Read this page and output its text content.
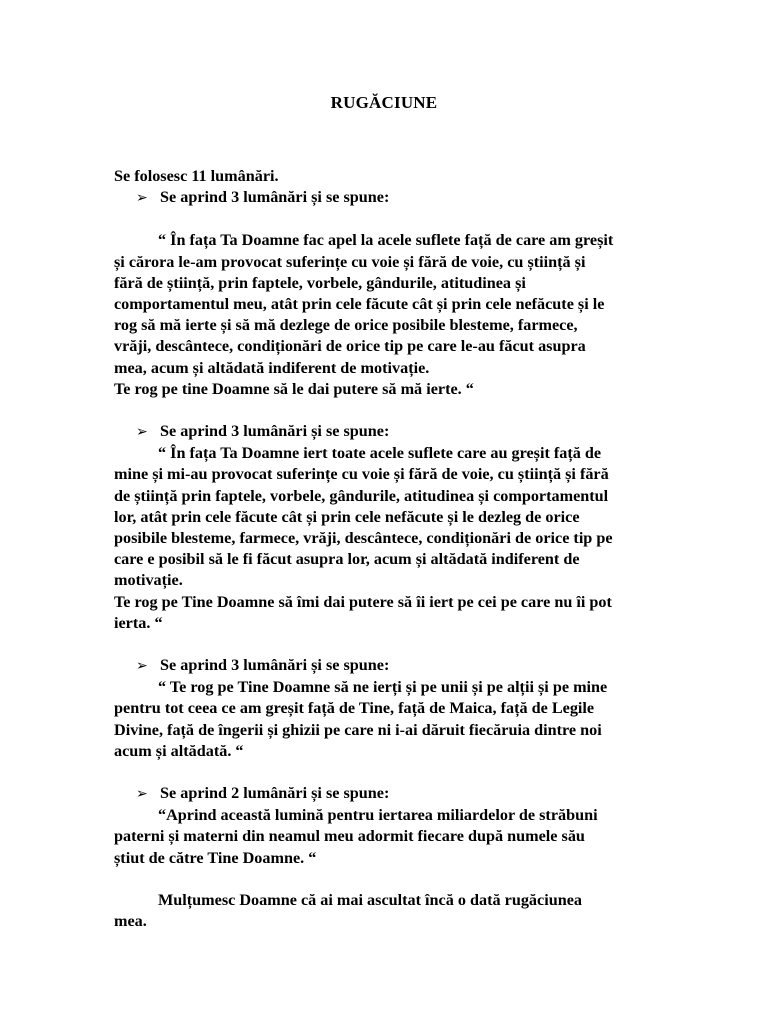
RUGĂCIUNE
Se folosesc 11 lumânări.
➢ Se aprind 3 lumânări și se spune:
“ În fața Ta Doamne fac apel la acele suflete față de care am greșit
și cărora le-am provocat suferințe cu voie și fără de voie, cu știință și
fără de știință, prin faptele, vorbele, gândurile, atitudinea și
comportamentul meu, atât prin cele făcute cât și prin cele nefăcute și le
rog să mă ierte și să mă dezlege de orice posibile blesteme, farmece,
vrăji, descântece, condiționări de orice tip pe care le-au făcut asupra
mea, acum și altădată indiferent de motivație.
Te rog pe tine Doamne să le dai putere să mă ierte. “
➢ Se aprind 3 lumânări și se spune:
“ În fața Ta Doamne iert toate acele suflete care au greșit față de
mine și mi-au provocat suferințe cu voie și fără de voie, cu știință și fără
de știință prin faptele, vorbele, gândurile, atitudinea și comportamentul
lor, atât prin cele făcute cât și prin cele nefăcute și le dezleg de orice
posibile blesteme, farmece, vrăji, descântece, condiționări de orice tip pe
care e posibil să le fi făcut asupra lor, acum și altădată indiferent de
motivație.
Te rog pe Tine Doamne să îmi dai putere să îi iert pe cei pe care nu îi pot
ierta. “
➢ Se aprind 3 lumânări și se spune:
“ Te rog pe Tine Doamne să ne ierți și pe unii și pe alții și pe mine
pentru tot ceea ce am greșit față de Tine, față de Maica, față de Legile
Divine, față de îngerii și ghizii pe care ni i-ai dăruit fiecăruia dintre noi
acum și altădată. “
➢ Se aprind 2 lumânări și se spune:
“Aprind această lumină pentru iertarea miliardelor de străbuni
paterni și materni din neamul meu adormit fiecare după numele său
știut de către Tine Doamne. “
Mulțumesc Doamne că ai mai ascultat încă o dată rugăciunea
mea.
